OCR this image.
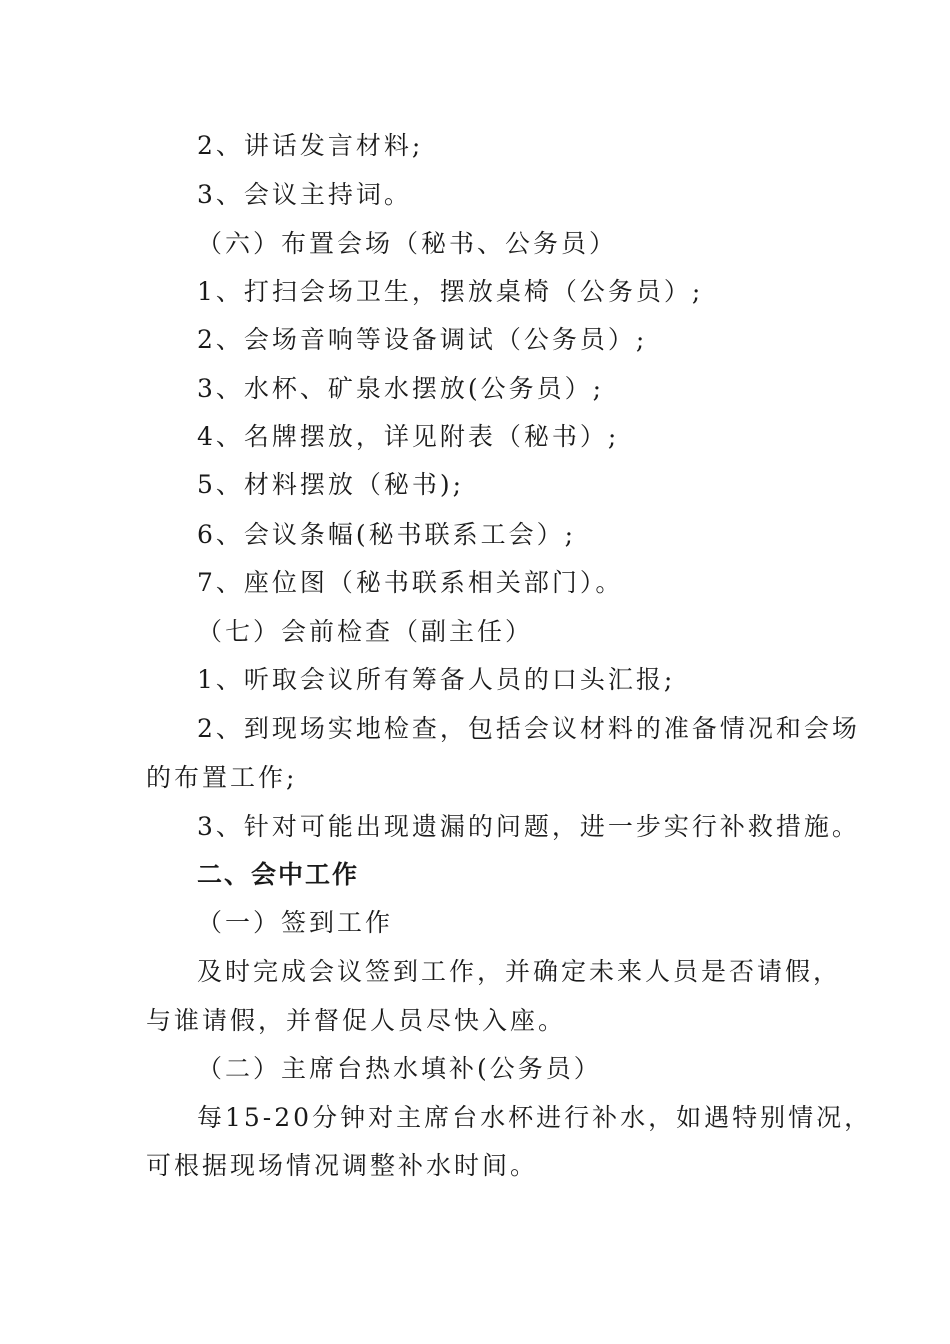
2、讲话发言材料;
3、会议主持词。
（六）布置会场（秘书、公务员）
1、打扫会场卫生，摆放桌椅（公务员）;
2、会场音响等设备调试（公务员）;
3、水杯、矿泉水摆放(公务员）;
4、名牌摆放，详见附表（秘书）;
5、材料摆放（秘书);
6、会议条幅(秘书联系工会）;
7、座位图（秘书联系相关部门）。
（七）会前检查（副主任）
1、听取会议所有筹备人员的口头汇报;
2、到现场实地检查，包括会议材料的准备情况和会场
的布置工作;
3、针对可能出现遗漏的问题，进一步实行补救措施。
二、会中工作
（一）签到工作
及时完成会议签到工作，并确定未来人员是否请假，
与谁请假，并督促人员尽快入座。
（二）主席台热水填补(公务员）
每15-20分钟对主席台水杯进行补水，如遇特别情况，
可根据现场情况调整补水时间。
